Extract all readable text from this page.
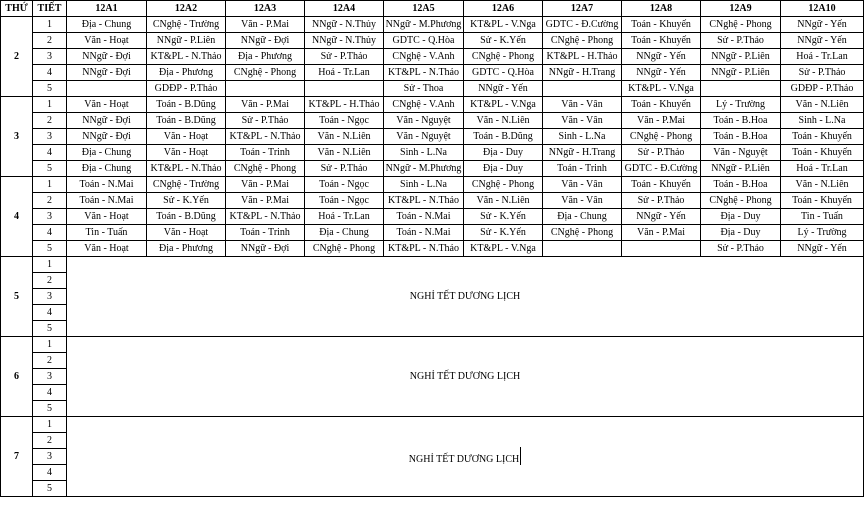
THỨ	TIẾT	12A1	12A2	12A3	12A4	12A5	12A6	12A7	12A8	12A9	12A10
2	1	Địa - Chung	CNghệ - Trường	Văn - P.Mai	NNgữ - N.Thủy	NNgữ - M.Phương	KT&PL - V.Nga	GDTC - Đ.Cường	Toán - Khuyến	CNghệ - Phong	NNgữ - Yến
	2	Văn - Hoạt	NNgữ - P.Liên	NNgữ - Đợi	NNgữ - N.Thủy	GDTC - Q.Hòa	Sử - K.Yến	CNghệ - Phong	Toán - Khuyến	Sử - P.Thảo	NNgữ - Yến
	3	NNgữ - Đợi	KT&PL - N.Thảo	Địa - Phương	Sử - P.Thảo	CNghệ - V.Anh	CNghệ - Phong	KT&PL - H.Thảo	NNgữ - Yến	NNgữ - P.Liên	Hoá - Tr.Lan
	4	NNgữ - Đợi	Địa - Phương	CNghệ - Phong	Hoá - Tr.Lan	KT&PL - N.Thảo	GDTC - Q.Hòa	NNgữ - H.Trang	NNgữ - Yến	NNgữ - P.Liên	Sử - P.Thảo
	5		GDĐP - P.Thảo			Sử - Thoa	NNgữ - Yến		KT&PL - V.Nga		GDĐP - P.Thảo
3	1	Văn - Hoạt	Toán - B.Dũng	Văn - P.Mai	KT&PL - H.Thảo	CNghệ - V.Anh	KT&PL - V.Nga	Văn - Vân	Toán - Khuyến	Lý - Trường	Văn - N.Liên
	2	NNgữ - Đợi	Toán - B.Dũng	Sử - P.Thảo	Toán - Ngọc	Văn - Nguyệt	Văn - N.Liên	Văn - Vân	Văn - P.Mai	Toán - B.Hoa	Sinh - L.Na
	3	NNgữ - Đợi	Văn - Hoạt	KT&PL - N.Thảo	Văn - N.Liên	Văn - Nguyệt	Toán - B.Dũng	Sinh - L.Na	CNghệ - Phong	Toán - B.Hoa	Toán - Khuyến
	4	Địa - Chung	Văn - Hoạt	Toán - Trinh	Văn - N.Liên	Sinh - L.Na	Địa - Duy	NNgữ - H.Trang	Sử - P.Thảo	Văn - Nguyệt	Toán - Khuyến
	5	Địa - Chung	KT&PL - N.Thảo	CNghệ - Phong	Sử - P.Thảo	NNgữ - M.Phương	Địa - Duy	Toán - Trinh	GDTC - Đ.Cường	NNgữ - P.Liên	Hoá - Tr.Lan
4	1	Toán - N.Mai	CNghệ - Trường	Văn - P.Mai	Toán - Ngọc	Sinh - L.Na	CNghệ - Phong	Văn - Vân	Toán - Khuyến	Toán - B.Hoa	Văn - N.Liên
	2	Toán - N.Mai	Sử - K.Yến	Văn - P.Mai	Toán - Ngọc	KT&PL - N.Thảo	Văn - N.Liên	Văn - Vân	Sử - P.Thảo	CNghệ - Phong	Toán - Khuyến
	3	Văn - Hoạt	Toán - B.Dũng	KT&PL - N.Thảo	Hoá - Tr.Lan	Toán - N.Mai	Sử - K.Yến	Địa - Chung	NNgữ - Yến	Địa - Duy	Tin - Tuấn
	4	Tin - Tuấn	Văn - Hoạt	Toán - Trinh	Địa - Chung	Toán - N.Mai	Sử - K.Yến	CNghệ - Phong	Văn - P.Mai	Địa - Duy	Lý - Trường
	5	Văn - Hoạt	Địa - Phương	NNgữ - Đợi	CNghệ - Phong	KT&PL - N.Thảo	KT&PL - V.Nga			Sử - P.Thảo	NNgữ - Yến
5	1	NGHỈ TẾT DƯƠNG LỊCH									
	2										
	3										
	4										
	5										
6	1	NGHỈ TẾT DƯƠNG LỊCH									
	2										
	3										
	4										
	5										
7	1	NGHỈ TẾT DƯƠNG LỊCH									
	2										
	3										
	4										
	5										
